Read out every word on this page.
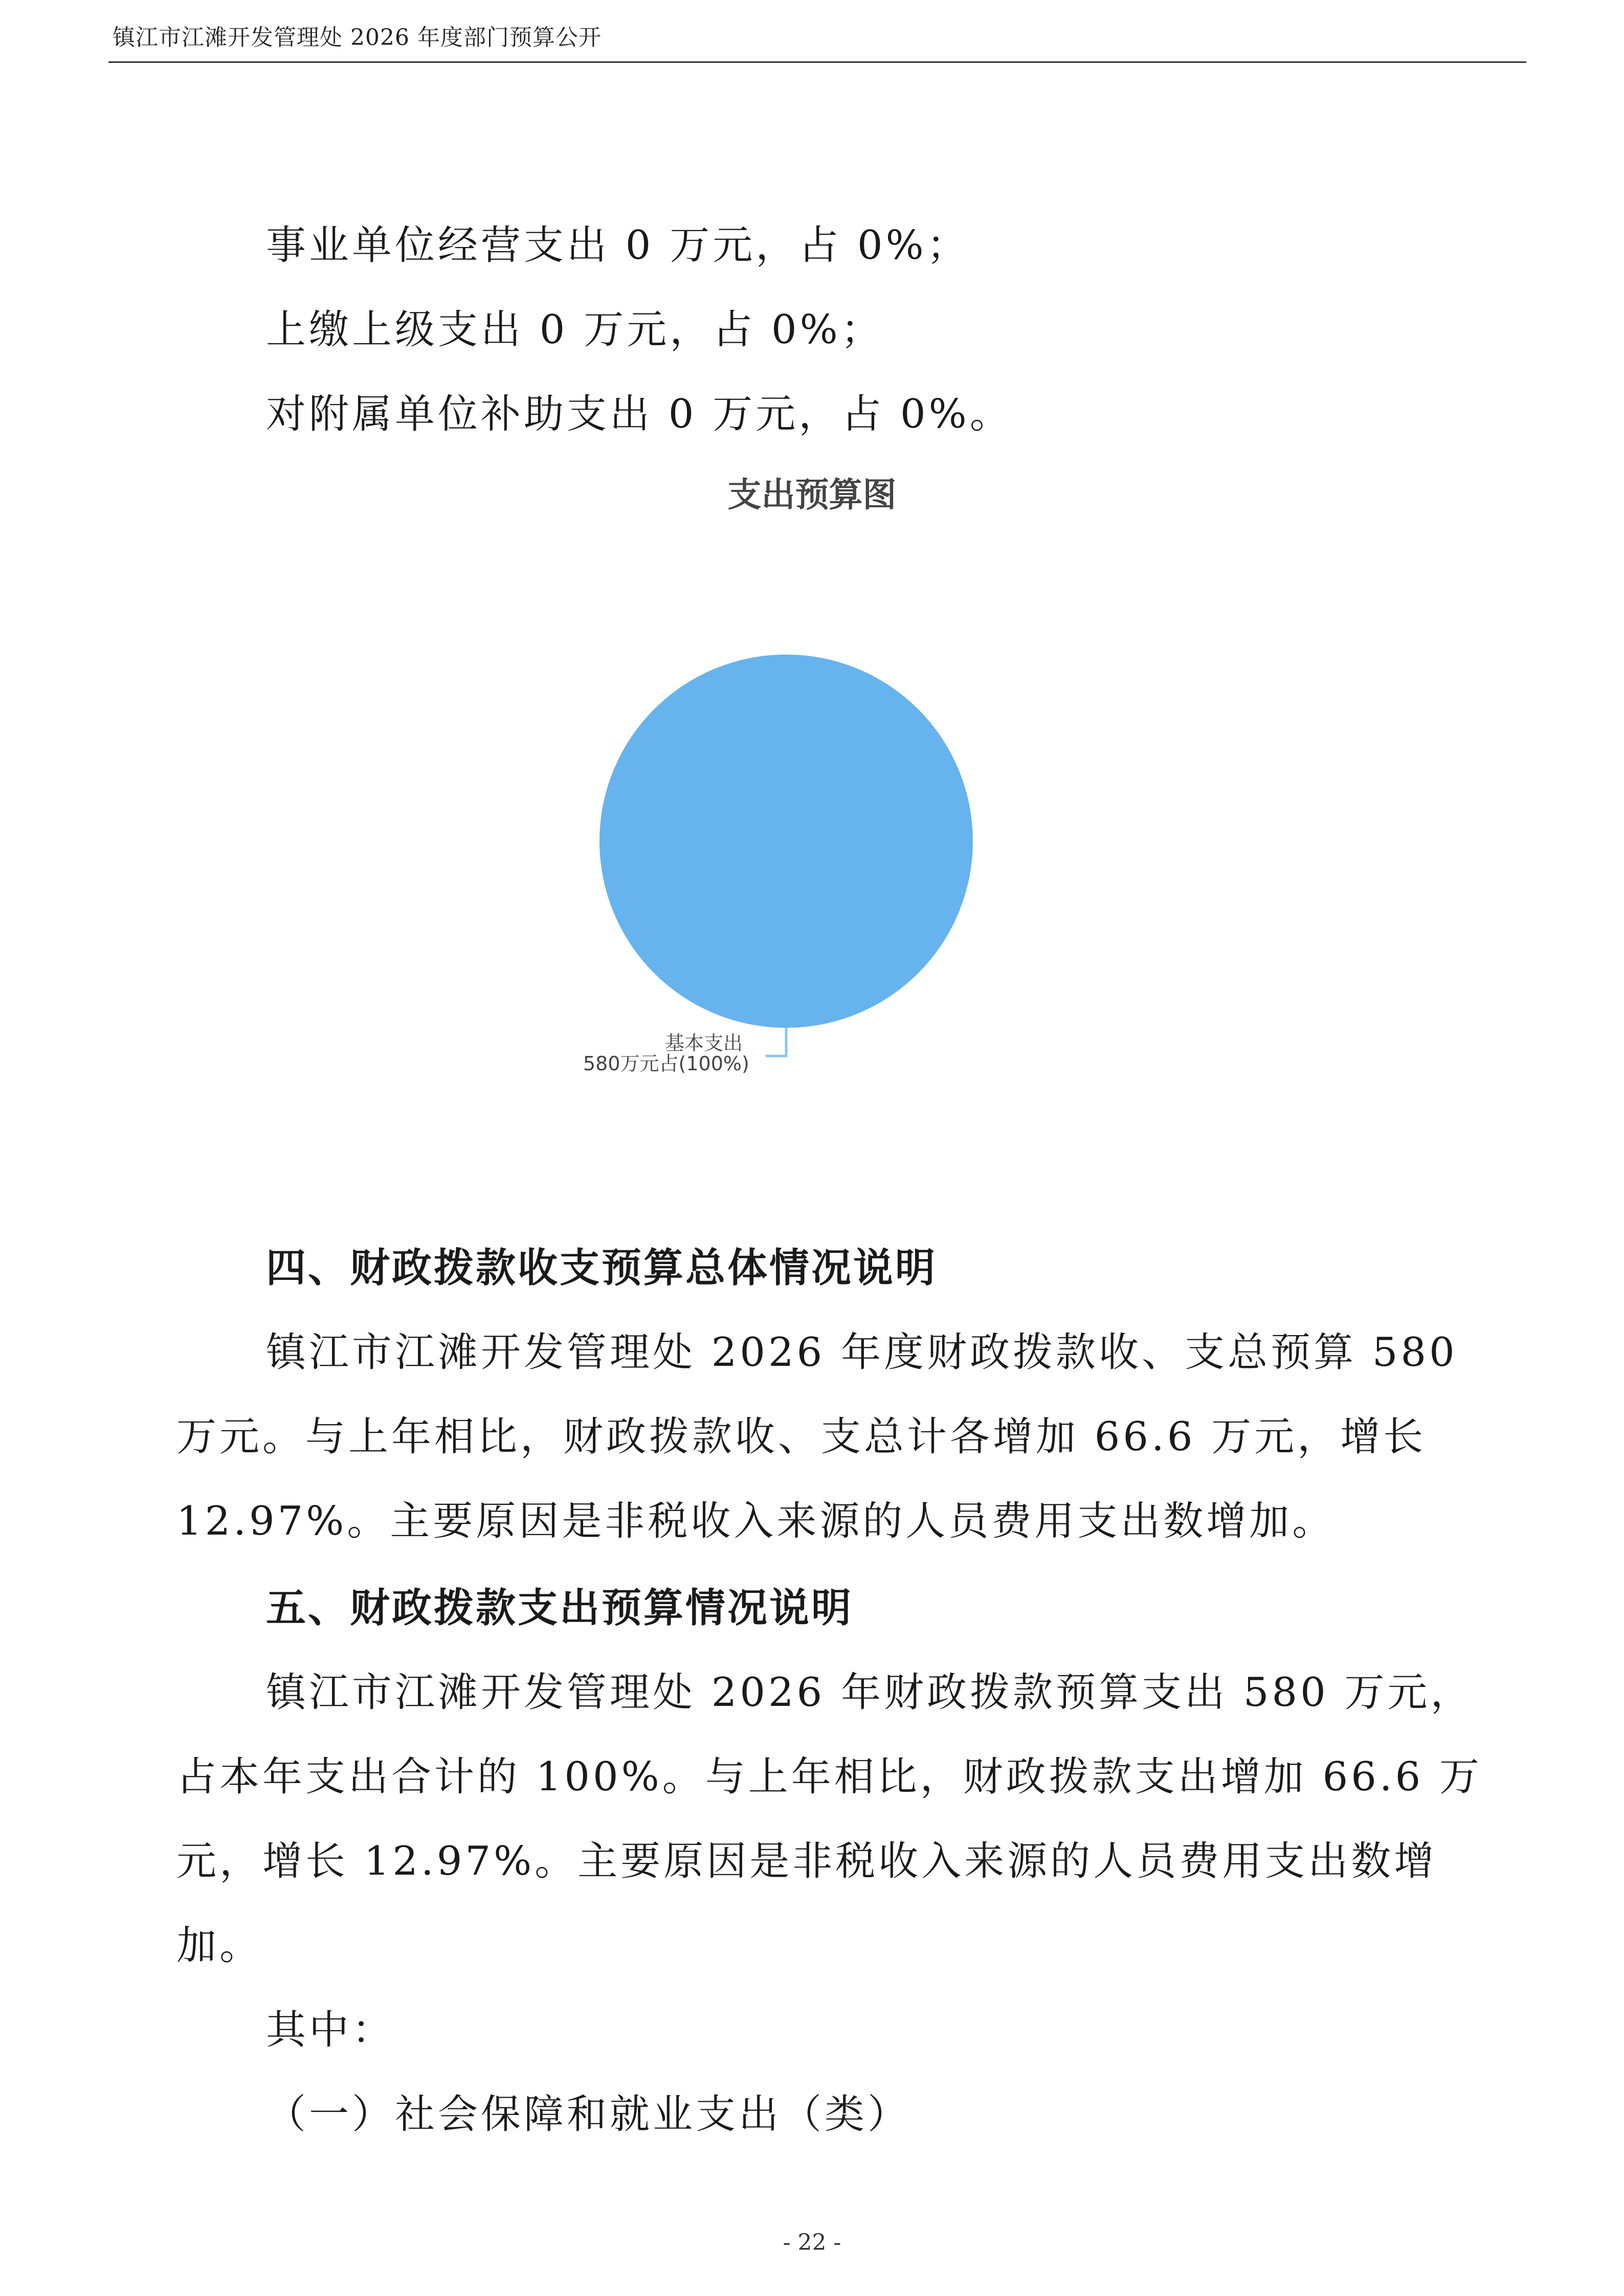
镇江市江滩开发管理处 2026 年度部门预算公开
事业单位经营支出 0 万元，占 0%；
上缴上级支出 0 万元，占 0%；
对附属单位补助支出 0 万元，占 0%。
支出预算图
基本支出
580万元占(100%)
四、财政拨款收支预算总体情况说明
镇江市江滩开发管理处 2026 年度财政拨款收、支总预算 580
万元。与上年相比，财政拨款收、支总计各增加 66.6 万元，增长
12.97%。主要原因是非税收入来源的人员费用支出数增加。
五、财政拨款支出预算情况说明
镇江市江滩开发管理处 2026 年财政拨款预算支出 580 万元，
占本年支出合计的 100%。与上年相比，财政拨款支出增加 66.6 万
元，增长 12.97%。主要原因是非税收入来源的人员费用支出数增
加。
其中：
（一）社会保障和就业支出（类）
- 22 -
